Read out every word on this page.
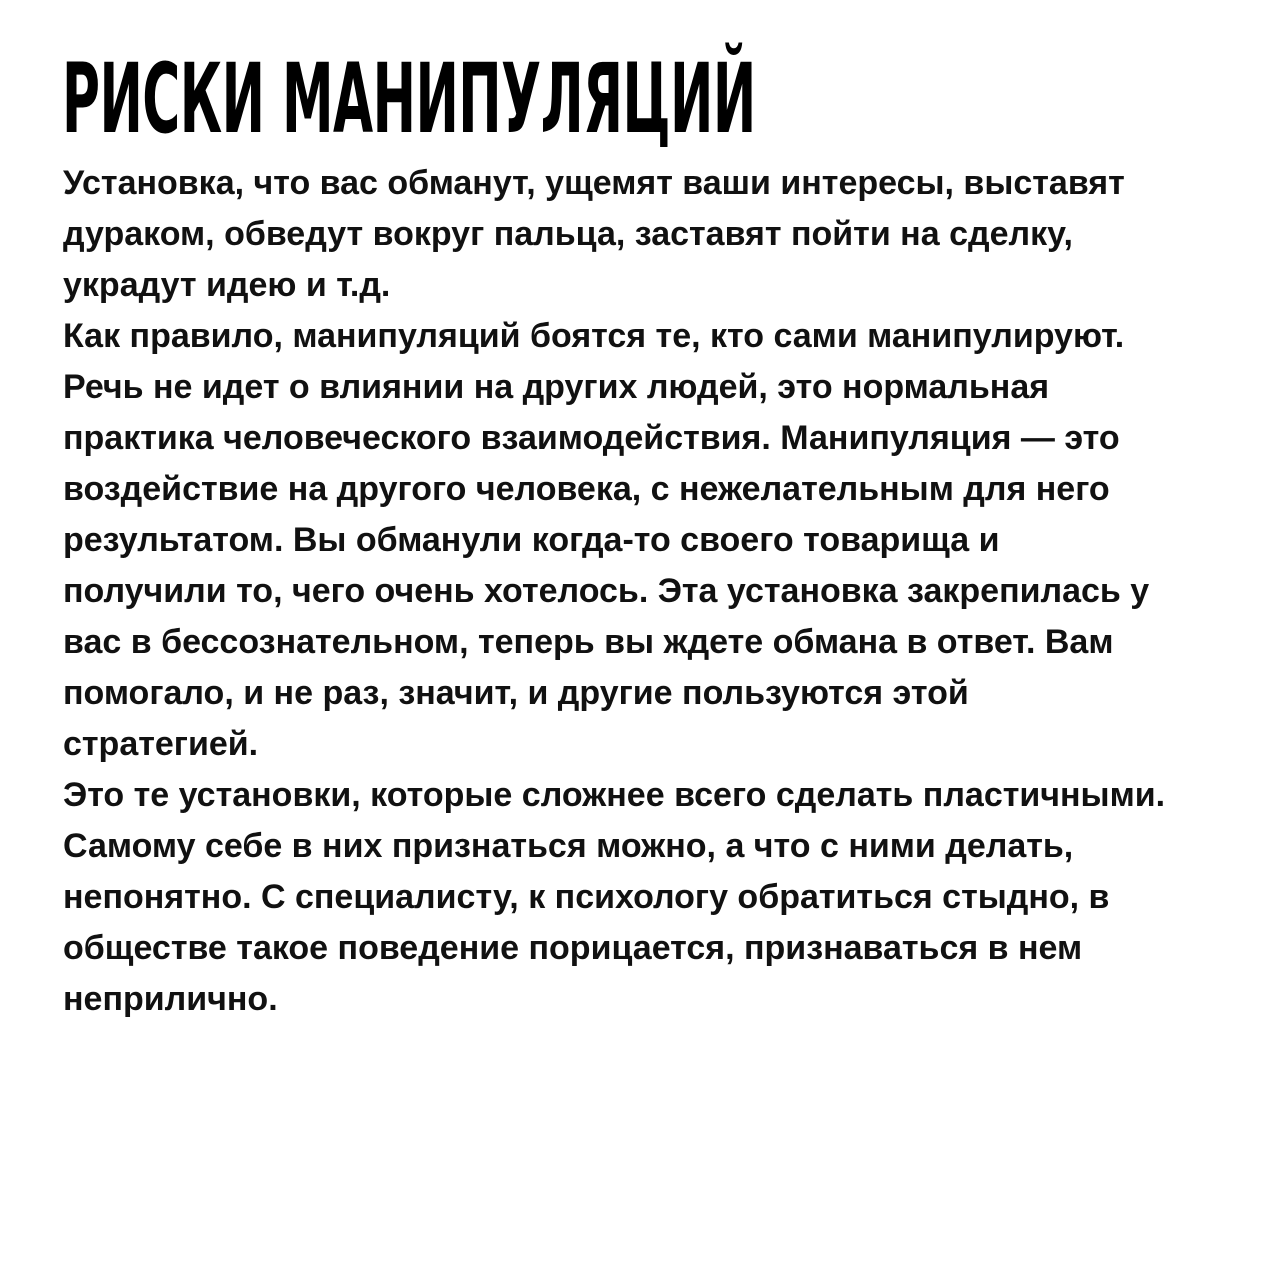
РИСКИ МАНИПУЛЯЦИЙ
Установка, что вас обманут, ущемят ваши интересы, выставят
дураком, обведут вокруг пальца, заставят пойти на сделку,
украдут идею и т.д.
Как правило, манипуляций боятся те, кто сами манипулируют.
Речь не идет о влиянии на других людей, это нормальная
практика человеческого взаимодействия. Манипуляция — это
воздействие на другого человека, с нежелательным для него
результатом. Вы обманули когда-то своего товарища и
получили то, чего очень хотелось. Эта установка закрепилась у
вас в бессознательном, теперь вы ждете обмана в ответ. Вам
помогало, и не раз, значит, и другие пользуются этой
стратегией.
Это те установки, которые сложнее всего сделать пластичными.
Самому себе в них признаться можно, а что с ними делать,
непонятно. С специалисту, к психологу обратиться стыдно, в
обществе такое поведение порицается, признаваться в нем
неприлично.
